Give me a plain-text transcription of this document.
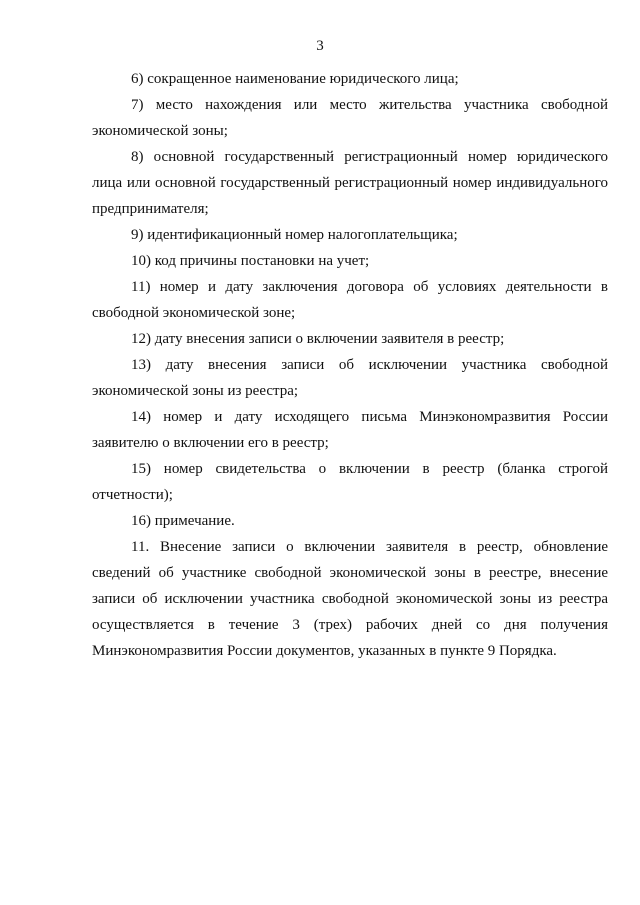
3

6) сокращенное наименование юридического лица;

7) место нахождения или место жительства участника свободной экономической зоны;

8) основной государственный регистрационный номер юридического лица или основной государственный регистрационный номер индивидуального предпринимателя;

9) идентификационный номер налогоплательщика;

10) код причины постановки на учет;

11) номер и дату заключения договора об условиях деятельности в свободной экономической зоне;

12) дату внесения записи о включении заявителя в реестр;

13) дату внесения записи об исключении участника свободной экономической зоны из реестра;

14) номер и дату исходящего письма Минэкономразвития России заявителю о включении его в реестр;

15) номер свидетельства о включении в реестр (бланка строгой отчетности);

16) примечание.

11. Внесение записи о включении заявителя в реестр, обновление сведений об участнике свободной экономической зоны в реестре, внесение записи об исключении участника свободной экономической зоны из реестра осуществляется в течение 3 (трех) рабочих дней со дня получения Минэкономразвития России документов, указанных в пункте 9 Порядка.
